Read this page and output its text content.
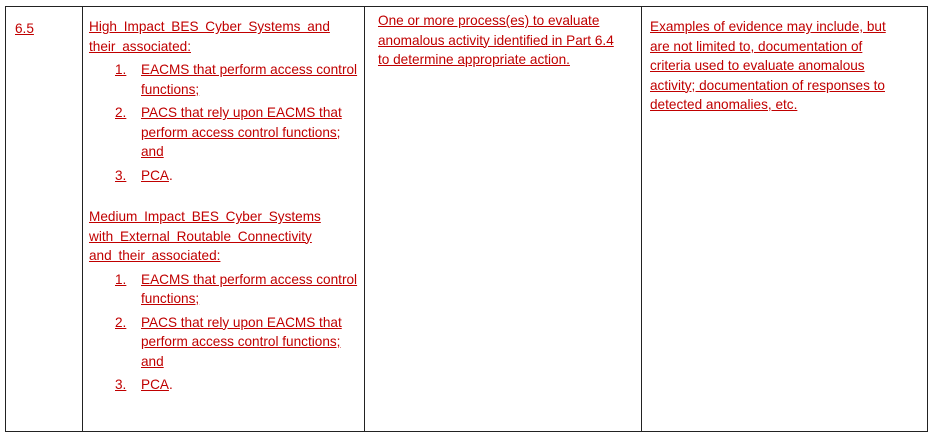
6.5	High Impact BES Cyber Systems and
their associated:
1.	EACMS that perform access control
functions;
2.	PACS that rely upon EACMS that
perform access control functions;
and
3.	PCA.
Medium Impact BES Cyber Systems
with External Routable Connectivity
and their associated:
1.	EACMS that perform access control
functions;
2.	PACS that rely upon EACMS that
perform access control functions;
and
3.	PCA.

One or more process(es) to evaluate
anomalous activity identified in Part 6.4
to determine appropriate action.

Examples of evidence may include, but
are not limited to, documentation of
criteria used to evaluate anomalous
activity; documentation of responses to
detected anomalies, etc.
